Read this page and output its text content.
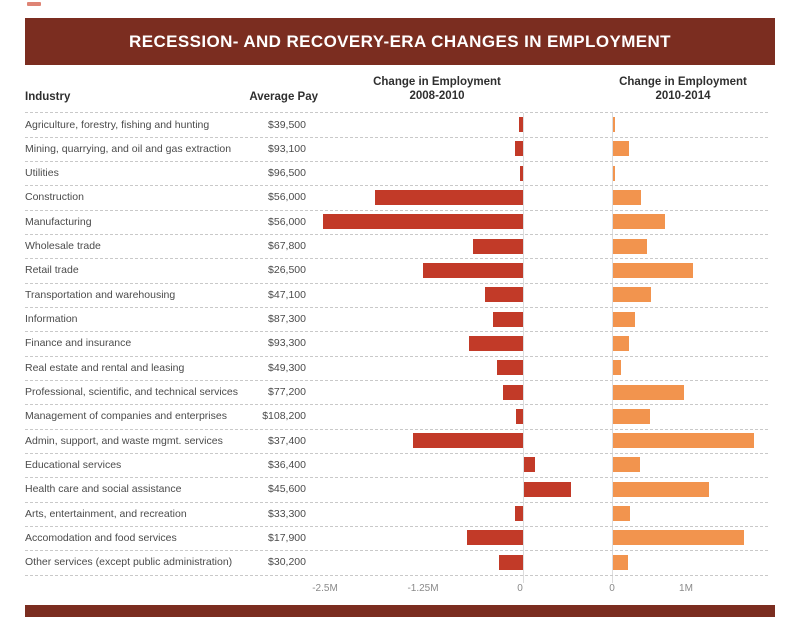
RECESSION- AND RECOVERY-ERA CHANGES IN EMPLOYMENT
Industry	Average Pay
Change in Employment
2008-2010
Change in Employment
2010-2014
Agriculture, forestry, fishing and hunting	$39,500
Mining, quarrying, and oil and gas extraction	$93,100
Utilities	$96,500
Construction	$56,000
Manufacturing	$56,000
Wholesale trade	$67,800
Retail trade	$26,500
Transportation and warehousing	$47,100
Information	$87,300
Finance and insurance	$93,300
Real estate and rental and leasing	$49,300
Professional, scientific, and technical services	$77,200
Management of companies and enterprises	$108,200
Admin, support, and waste mgmt. services	$37,400
Educational services	$36,400
Health care and social assistance	$45,600
Arts, entertainment, and recreation	$33,300
Accomodation and food services	$17,900
Other services (except public administration)	$30,200
-2.5M	-1.25M	0	0	1M
